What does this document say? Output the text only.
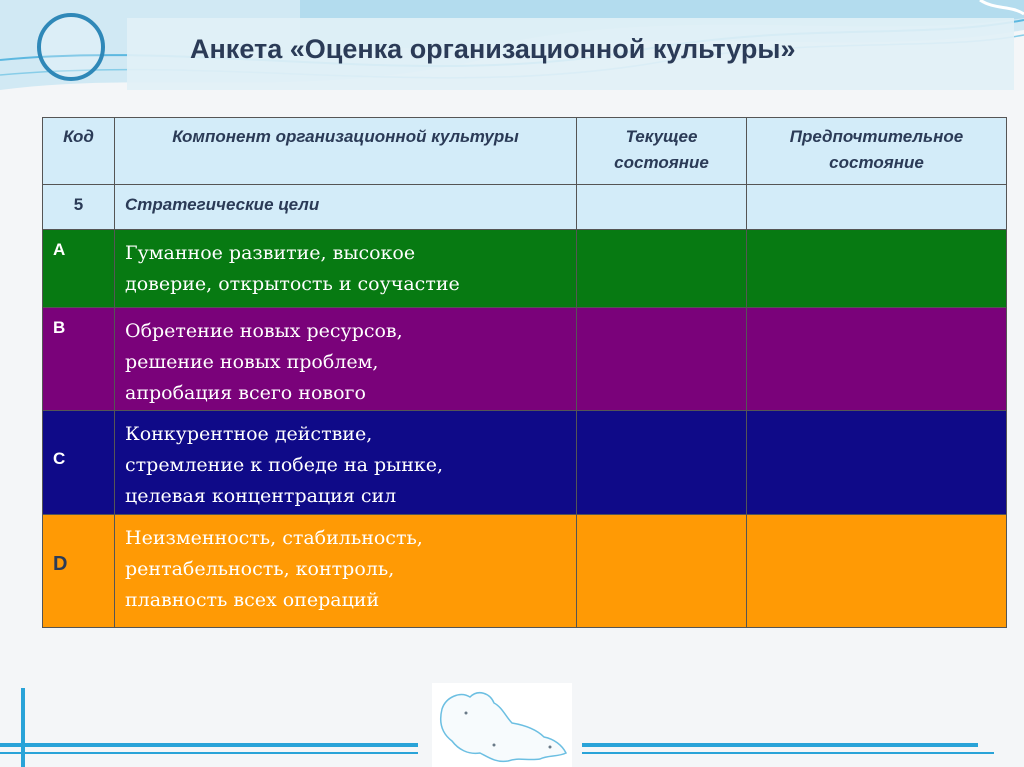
Анкета «Оценка организационной культуры»
Код	Компонент организационной культуры	Текущее состояние	Предпочтительное состояние

5	Стратегические цели		

A	Гуманное развитие, высокое
доверие, открытость и соучастие		

B	Обретение новых ресурсов,
решение новых проблем,
апробация всего нового		

C	Конкурентное действие,
стремление к победе на рынке,
целевая концентрация сил		

D	Неизменность, стабильность,
рентабельность, контроль,
плавность всех операций		
